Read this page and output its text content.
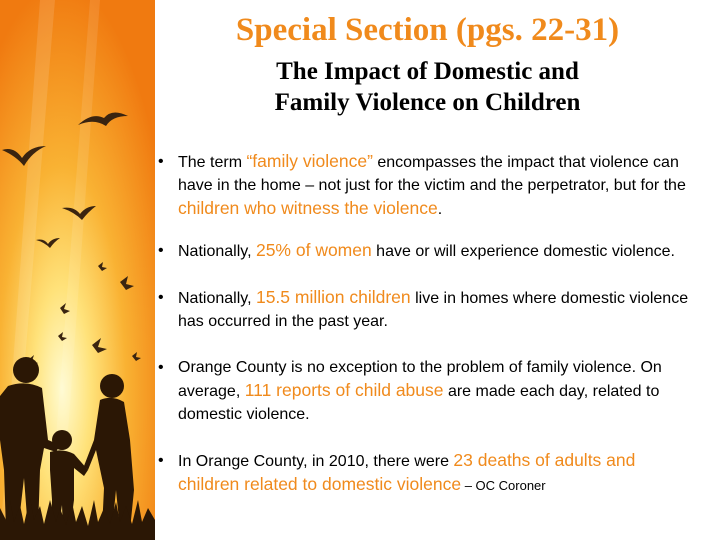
Special Section (pgs. 22-31)
The Impact of Domestic and
Family Violence on Children
• The term “family violence” encompasses the impact that violence can have in the home – not just for the victim and the perpetrator, but for the children who witness the violence.
• Nationally, 25% of women have or will experience domestic violence.
• Nationally, 15.5 million children live in homes where domestic violence has occurred in the past year.
• Orange County is no exception to the problem of family violence. On average, 111 reports of child abuse are made each day, related to domestic violence.
• In Orange County, in 2010, there were 23 deaths of adults and children related to domestic violence – OC Coroner
